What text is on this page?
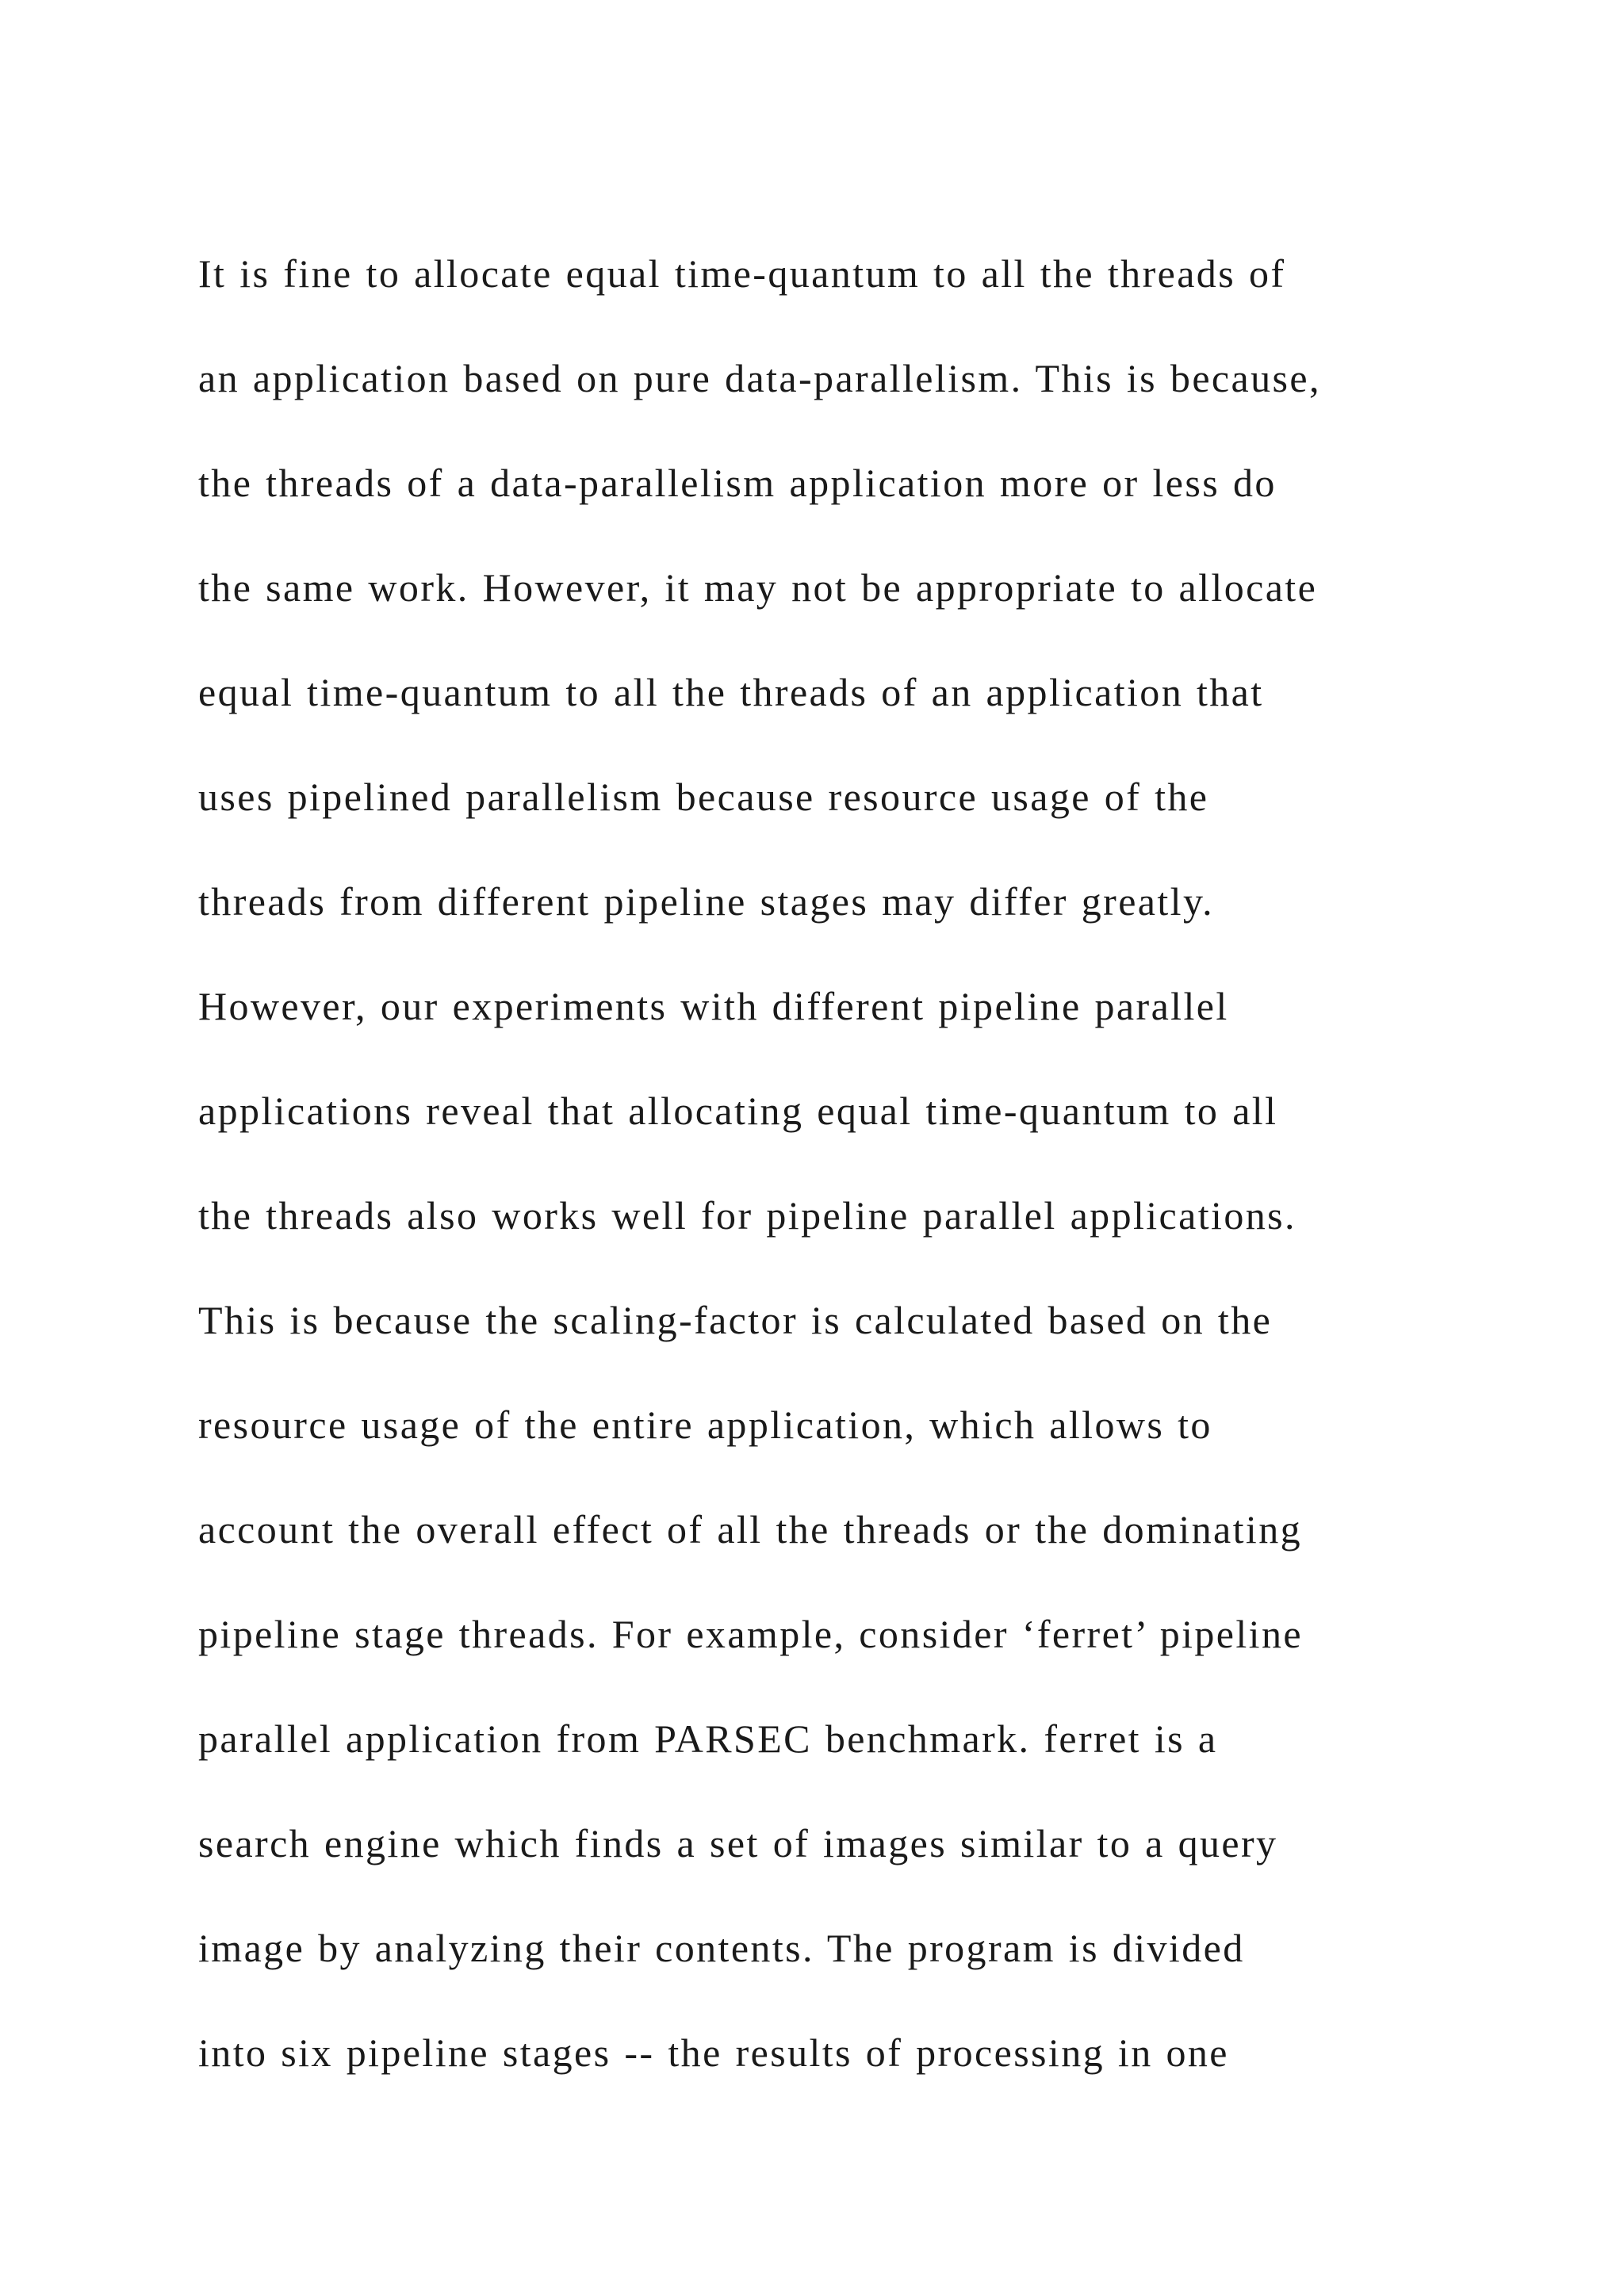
It is fine to allocate equal time-quantum to all the threads of
an application based on pure data-parallelism. This is because,
the threads of a data-parallelism application more or less do
the same work. However, it may not be appropriate to allocate
equal time-quantum to all the threads of an application that
uses pipelined parallelism because resource usage of the
threads from different pipeline stages may differ greatly.
However, our experiments with different pipeline parallel
applications reveal that allocating equal time-quantum to all
the threads also works well for pipeline parallel applications.
This is because the scaling-factor is calculated based on the
resource usage of the entire application, which allows to
account the overall effect of all the threads or the dominating
pipeline stage threads. For example, consider ‘ferret’ pipeline
parallel application from PARSEC benchmark. ferret is a
search engine which finds a set of images similar to a query
image by analyzing their contents. The program is divided
into six pipeline stages -- the results of processing in one
